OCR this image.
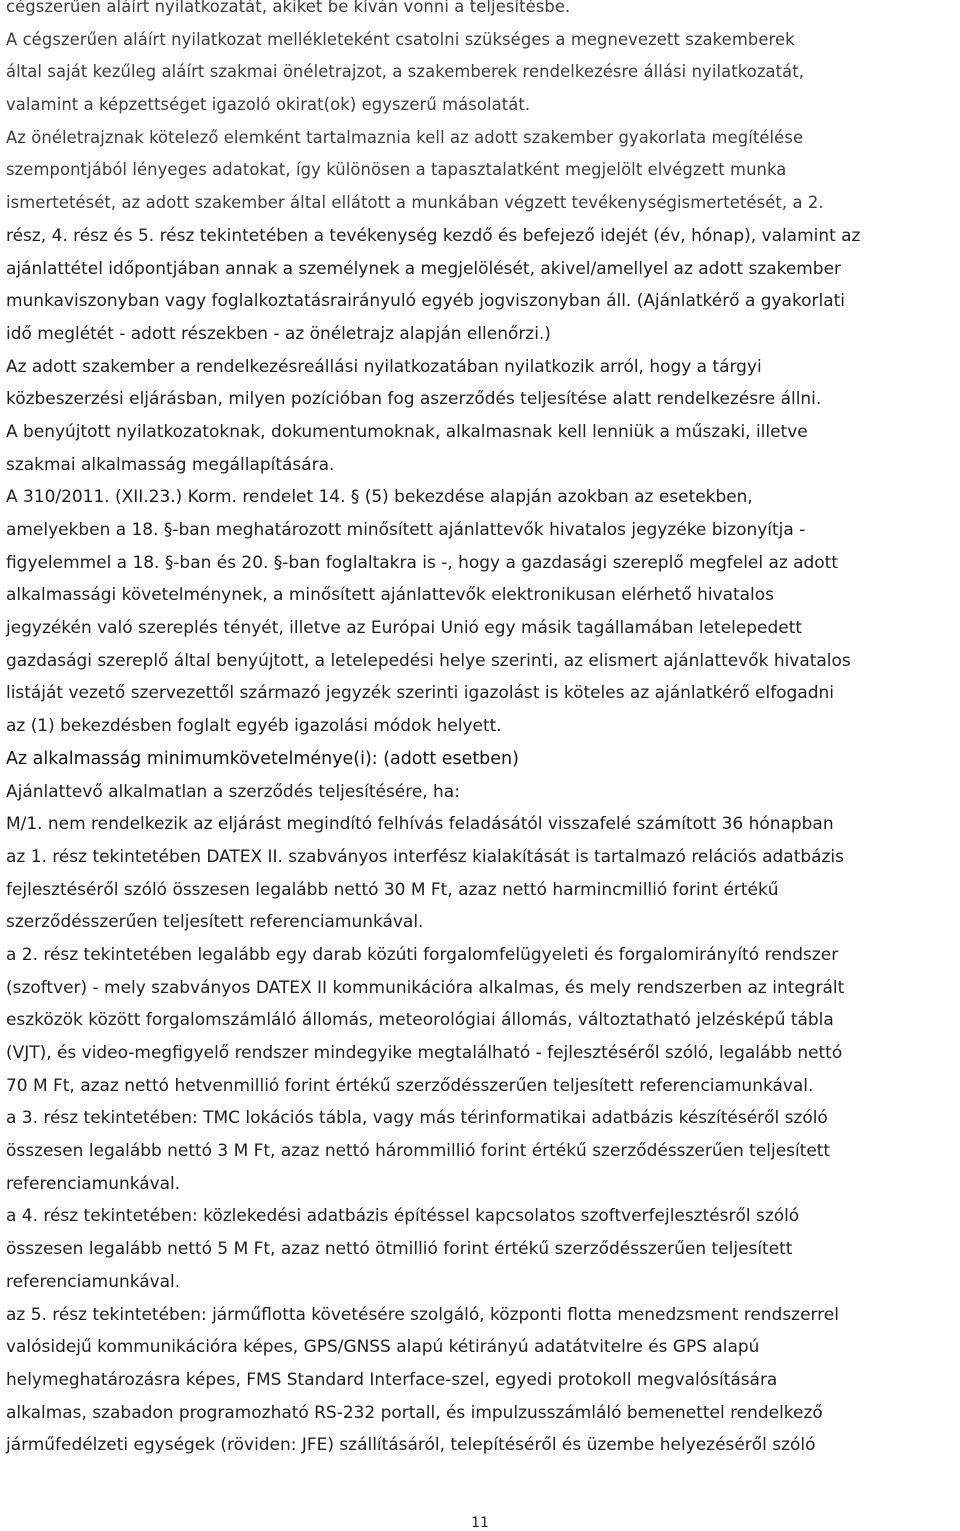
cégszerűen aláírt nyilatkozatát, akiket be kíván vonni a teljesítésbe.
A cégszerűen aláírt nyilatkozat mellékleteként csatolni szükséges a megnevezett szakemberek
által saját kezűleg aláírt szakmai önéletrajzot, a szakemberek rendelkezésre állási nyilatkozatát,
valamint a képzettséget igazoló okirat(ok) egyszerű másolatát.
Az önéletrajznak kötelező elemként tartalmaznia kell az adott szakember gyakorlata megítélése
szempontjából lényeges adatokat, így különösen a tapasztalatként megjelölt elvégzett munka
ismertetését, az adott szakember által ellátott a munkában végzett tevékenységismertetését, a 2.
rész, 4. rész és 5. rész tekintetében a tevékenység kezdő és befejező idejét (év, hónap), valamint az
ajánlattétel időpontjában annak a személynek a megjelölését, akivel/amellyel az adott szakember
munkaviszonyban vagy foglalkoztatásrairányuló egyéb jogviszonyban áll. (Ajánlatkérő a gyakorlati
idő meglétét - adott részekben - az önéletrajz alapján ellenőrzi.)
Az adott szakember a rendelkezésreállási nyilatkozatában nyilatkozik arról, hogy a tárgyi
közbeszerzési eljárásban, milyen pozícióban fog aszerződés teljesítése alatt rendelkezésre állni.
A benyújtott nyilatkozatoknak, dokumentumoknak, alkalmasnak kell lenniük a műszaki, illetve
szakmai alkalmasság megállapítására.
A 310/2011. (XII.23.) Korm. rendelet 14. § (5) bekezdése alapján azokban az esetekben,
amelyekben a 18. §-ban meghatározott minősített ajánlattevők hivatalos jegyzéke bizonyítja -
figyelemmel a 18. §-ban és 20. §-ban foglaltakra is -, hogy a gazdasági szereplő megfelel az adott
alkalmassági követelménynek, a minősített ajánlattevők elektronikusan elérhető hivatalos
jegyzékén való szereplés tényét, illetve az Európai Unió egy másik tagállamában letelepedett
gazdasági szereplő által benyújtott, a letelepedési helye szerinti, az elismert ajánlattevők hivatalos
listáját vezető szervezettől származó jegyzék szerinti igazolást is köteles az ajánlatkérő elfogadni
az (1) bekezdésben foglalt egyéb igazolási módok helyett.
Az alkalmasság minimumkövetelménye(i): (adott esetben)
Ajánlattevő alkalmatlan a szerződés teljesítésére, ha:
M/1. nem rendelkezik az eljárást megindító felhívás feladásától visszafelé számított 36 hónapban
az 1. rész tekintetében DATEX II. szabványos interfész kialakítását is tartalmazó relációs adatbázis
fejlesztéséről szóló összesen legalább nettó 30 M Ft, azaz nettó harmincmillió forint értékű
szerződésszerűen teljesített referenciamunkával.
a 2. rész tekintetében legalább egy darab közúti forgalomfelügyeleti és forgalomirányító rendszer
(szoftver) - mely szabványos DATEX II kommunikációra alkalmas, és mely rendszerben az integrált
eszközök között forgalomszámláló állomás, meteorológiai állomás, változtatható jelzésképű tábla
(VJT), és video-megfigyelő rendszer mindegyike megtalálható - fejlesztéséről szóló, legalább nettó
70 M Ft, azaz nettó hetvenmillió forint értékű szerződésszerűen teljesített referenciamunkával.
a 3. rész tekintetében: TMC lokációs tábla, vagy más térinformatikai adatbázis készítéséről szóló
összesen legalább nettó 3 M Ft, azaz nettó hárommillió forint értékű szerződésszerűen teljesített
referenciamunkával.
a 4. rész tekintetében: közlekedési adatbázis építéssel kapcsolatos szoftverfejlesztésről szóló
összesen legalább nettó 5 M Ft, azaz nettó ötmillió forint értékű szerződésszerűen teljesített
referenciamunkával.
az 5. rész tekintetében: járműflotta követésére szolgáló, központi flotta menedzsment rendszerrel
valósidejű kommunikációra képes, GPS/GNSS alapú kétirányú adatátvitelre és GPS alapú
helymeghatározásra képes, FMS Standard Interface-szel, egyedi protokoll megvalósítására
alkalmas, szabadon programozható RS-232 portall, és impulzusszámláló bemenettel rendelkező
járműfedélzeti egységek (röviden: JFE) szállításáról, telepítéséről és üzembe helyezéséről szóló
11
